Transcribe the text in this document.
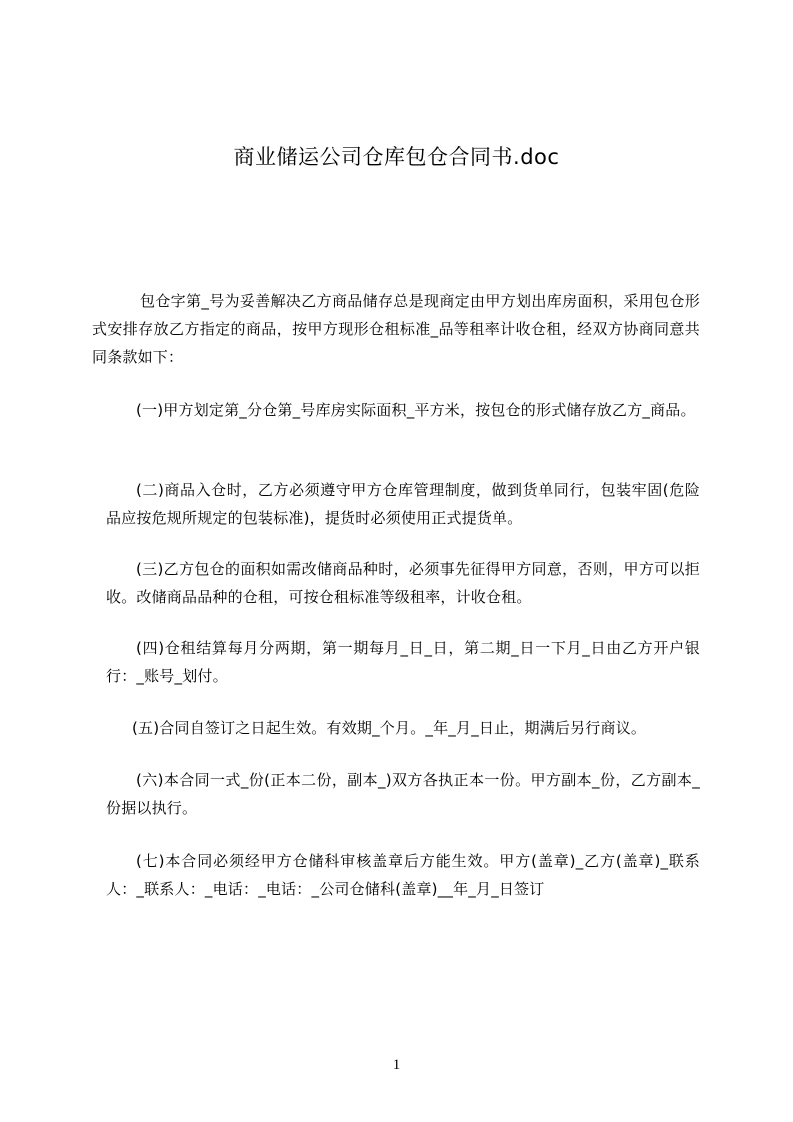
商业储运公司仓库包仓合同书.doc
包仓字第_号为妥善解决乙方商品储存总是现商定由甲方划出库房面积，采用包仓形式安排存放乙方指定的商品，按甲方现形仓租标准_品等租率计收仓租，经双方协商同意共同条款如下：
(一)甲方划定第_分仓第_号库房实际面积_平方米，按包仓的形式储存放乙方_商品。
(二)商品入仓时，乙方必须遵守甲方仓库管理制度，做到货单同行，包装牢固(危险品应按危规所规定的包装标准)，提货时必须使用正式提货单。
(三)乙方包仓的面积如需改储商品种时，必须事先征得甲方同意，否则，甲方可以拒收。改储商品品种的仓租，可按仓租标准等级租率，计收仓租。
(四)仓租结算每月分两期，第一期每月_日_日，第二期_日一下月_日由乙方开户银行：_账号_划付。
(五)合同自签订之日起生效。有效期_个月。_年_月_日止，期满后另行商议。
(六)本合同一式_份(正本二份，副本_)双方各执正本一份。甲方副本_份，乙方副本_份据以执行。
(七)本合同必须经甲方仓储科审核盖章后方能生效。甲方(盖章)_乙方(盖章)_联系人：_联系人：_电话：_电话：_公司仓储科(盖章)__年_月_日签订
1
